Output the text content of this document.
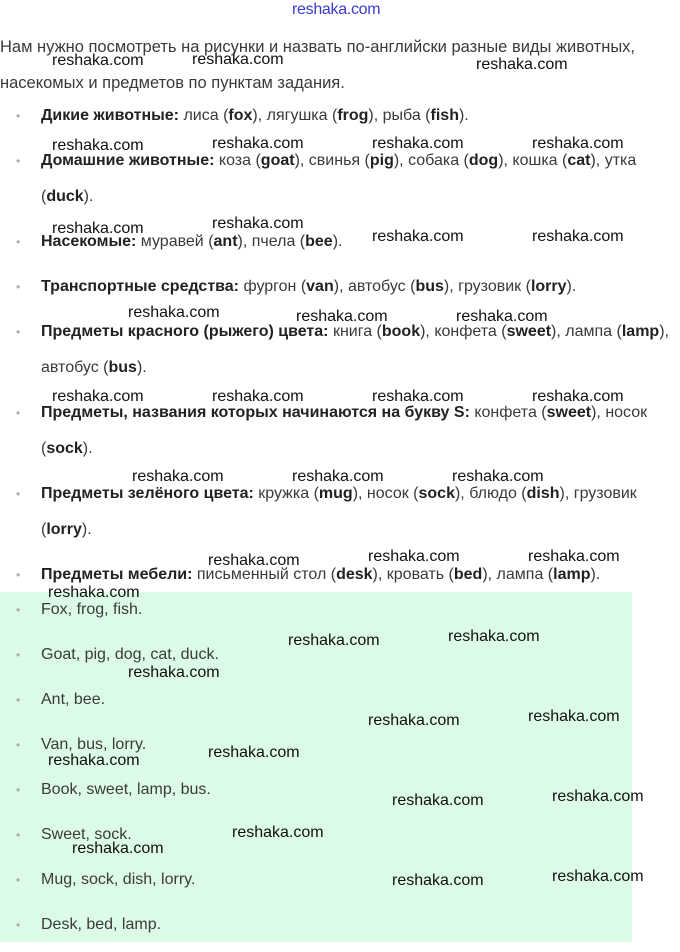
reshaka.com
Нам нужно посмотреть на рисунки и назвать по-английски разные виды животных, насекомых и предметов по пунктам задания.
• Дикие животные: лиса (fox), лягушка (frog), рыба (fish).
• Домашние животные: коза (goat), свинья (pig), собака (dog), кошка (cat), утка (duck).
• Насекомые: муравей (ant), пчела (bee).
• Транспортные средства: фургон (van), автобус (bus), грузовик (lorry).
• Предметы красного (рыжего) цвета: книга (book), конфета (sweet), лампа (lamp), автобус (bus).
• Предметы, названия которых начинаются на букву S: конфета (sweet), носок (sock).
• Предметы зелёного цвета: кружка (mug), носок (sock), блюдо (dish), грузовик (lorry).
• Предметы мебели: письменный стол (desk), кровать (bed), лампа (lamp).
• Fox, frog, fish.
• Goat, pig, dog, cat, duck.
• Ant, bee.
• Van, bus, lorry.
• Book, sweet, lamp, bus.
• Sweet, sock.
• Mug, sock, dish, lorry.
• Desk, bed, lamp.
reshaka.com	reshaka.com	reshaka.com
reshaka.com	reshaka.com	reshaka.com	reshaka.com
reshaka.com	reshaka.com
reshaka.com	reshaka.com
reshaka.com	reshaka.com	reshaka.com
reshaka.com	reshaka.com	reshaka.com	reshaka.com
reshaka.com	reshaka.com	reshaka.com
reshaka.com	reshaka.com	reshaka.com
reshaka.com
reshaka.com	reshaka.com
reshaka.com
reshaka.com	reshaka.com
reshaka.com
reshaka.com
reshaka.com	reshaka.com
reshaka.com
reshaka.com
reshaka.com	reshaka.com
